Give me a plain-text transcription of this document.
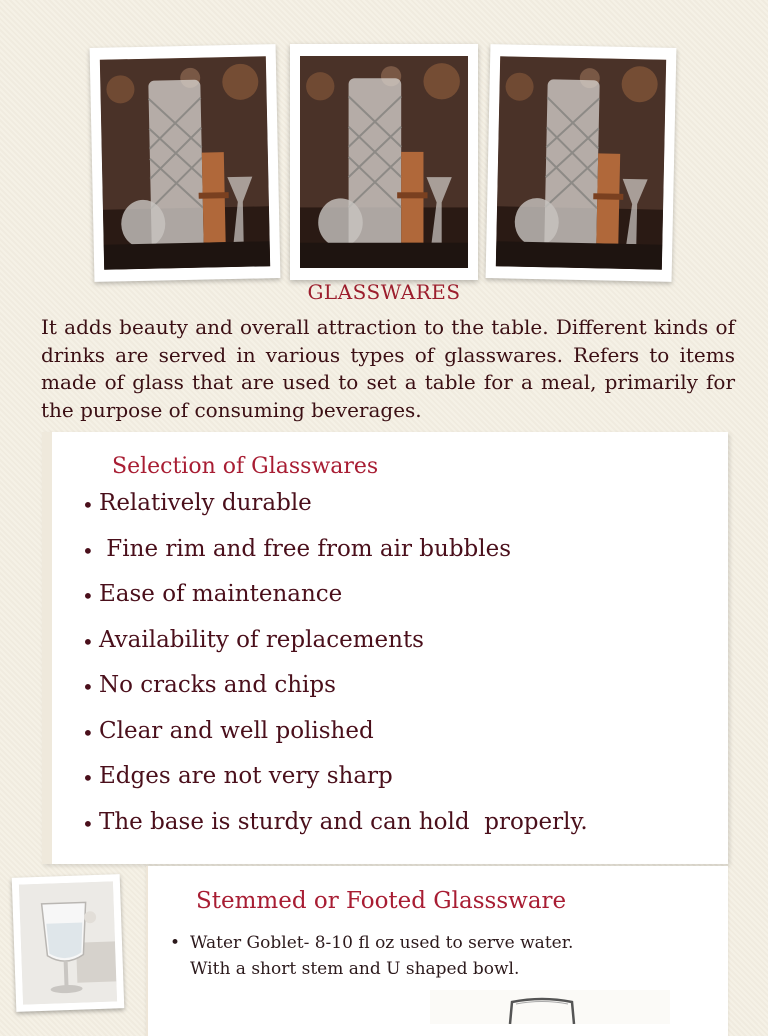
GLASSWARES
It adds beauty and overall attraction to the table. Different kinds of drinks are served in various types of glasswares. Refers to items made of glass that are used to set a table for a meal, primarily for the purpose of consuming beverages.
Selection of Glasswares
• Relatively durable
• Fine rim and free from air bubbles
• Ease of maintenance
• Availability of replacements
• No cracks and chips
• Clear and well polished
• Edges are not very sharp
• The base is sturdy and can hold  properly.
Stemmed or Footed Glasssware
• Water Goblet- 8-10 fl oz used to serve water.
With a short stem and U shaped bowl.
